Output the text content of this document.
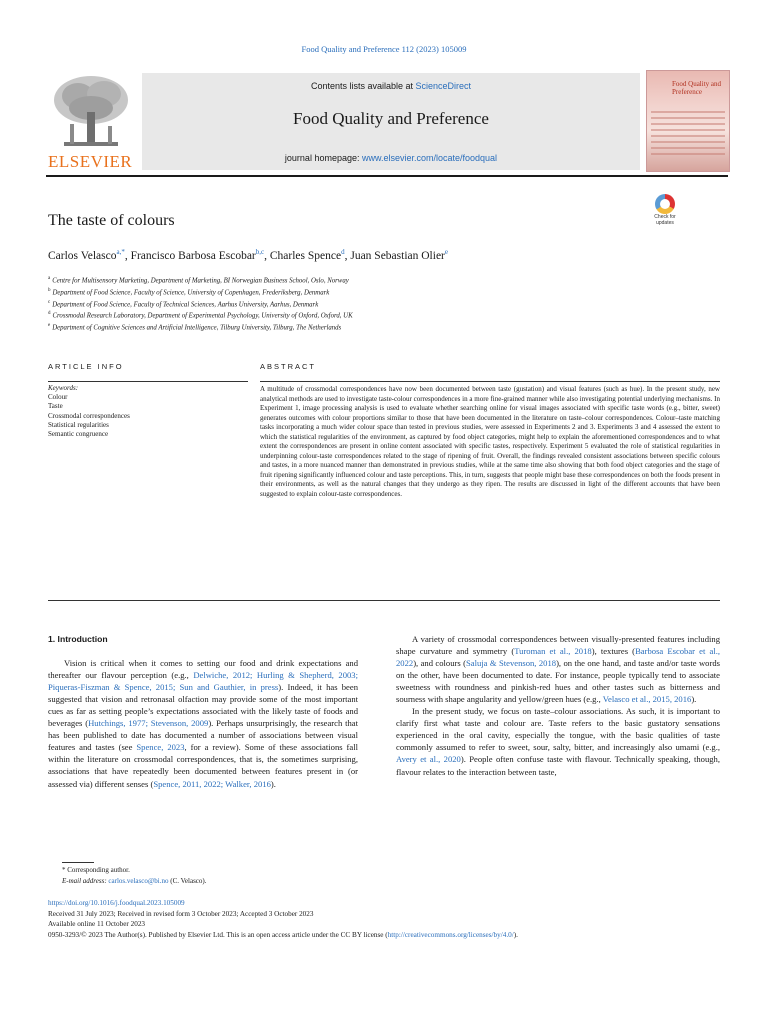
Food Quality and Preference 112 (2023) 105009
ELSEVIER
Contents lists available at ScienceDirect
Food Quality and Preference
journal homepage: www.elsevier.com/locate/foodqual
Food Quality and Preference
The taste of colours	Check for updates
Carlos Velasco$^{a,*}$, Francisco Barbosa Escobar$^{b,c}$, Charles Spence$^d$, Juan Sebastian Olier$^e$
$^a$ Centre for Multisensory Marketing, Department of Marketing, BI Norwegian Business School, Oslo, Norway
$^b$ Department of Food Science, Faculty of Science, University of Copenhagen, Frederiksberg, Denmark
$^c$ Department of Food Science, Faculty of Technical Sciences, Aarhus University, Aarhus, Denmark
$^d$ Crossmodal Research Laboratory, Department of Experimental Psychology, University of Oxford, Oxford, UK
$^e$ Department of Cognitive Sciences and Artificial Intelligence, Tilburg University, Tilburg, The Netherlands
ARTICLE INFO	ABSTRACT
Keywords:
Colour
Taste
Crossmodal correspondences
Statistical regularities
Semantic congruence
A multitude of crossmodal correspondences have now been documented between taste (gustation) and visual features (such as hue). In the present study, new analytical methods are used to investigate taste-colour correspondences in a more fine-grained manner while also investigating potential underlying mechanisms. In Experiment 1, image processing analysis is used to evaluate whether searching online for visual images associated with specific taste words (e.g., bitter, sweet) generates outcomes with colour proportions similar to those that have been documented in the literature on taste–colour correspondences. Colour–taste matching tasks incorporating a much wider colour space than tested in previous studies, were assessed in Experiments 2 and 3. Experiments 3 and 4 assessed the extent to which the statistical regularities of the environment, as captured by food object categories, might help to explain the aforementioned correspondences and to what extent the correspondences are present in online content associated with specific tastes, respectively. Experiment 5 evaluated the role of statistical regularities in underpinning colour-taste correspondences related to the stage of ripening of fruit. Overall, the findings revealed consistent associations between specific colours and tastes, in a more nuanced manner than demonstrated in previous studies, while at the same time also showing that both food object categories and the stage of fruit ripening significantly influenced colour and taste perceptions. This, in turn, suggests that people might base these correspondences on both the foods present in their environments, as well as the natural changes that they undergo as they ripen. The results are discussed in light of the different accounts that have been suggested to explain colour-taste correspondences.

1. Introduction

Vision is critical when it comes to setting our food and drink expectations and thereafter our flavour perception (e.g., Delwiche, 2012; Hurling & Shepherd, 2003; Piqueras-Fiszman & Spence, 2015; Sun and Gauthier, in press). Indeed, it has been suggested that vision and retronasal olfaction may provide some of the most important cues as far as setting people’s expectations associated with the likely taste of foods and beverages (Hutchings, 1977; Stevenson, 2009). Perhaps unsurprisingly, the research that has been published to date has documented a number of associations between visual features and tastes (see Spence, 2023, for a review). Some of these associations fall within the literature on crossmodal correspondences, that is, the sometimes surprising, associations that have repeatedly been documented between features present in (or assessed via) different senses (Spence, 2011, 2022; Walker, 2016).

A variety of crossmodal correspondences between visually-presented features including shape curvature and symmetry (Turoman et al., 2018), textures (Barbosa Escobar et al., 2022), and colours (Saluja & Stevenson, 2018), on the one hand, and taste and/or taste words on the other, have been documented to date. For instance, people typically tend to associate sweetness with roundness and pinkish-red hues and other tastes such as bitterness and sourness with shape angularity and yellow/green hues (e.g., Velasco et al., 2015, 2016).

In the present study, we focus on taste–colour associations. As such, it is important to clarify first what taste and colour are. Taste refers to the basic gustatory sensations experienced in the oral cavity, especially the tongue, with the basic qualities of taste commonly assumed to refer to sweet, sour, salty, bitter, and increasingly also umami (e.g., Avery et al., 2020). People often confuse taste with flavour. Technically speaking, though, flavour relates to the interaction between taste,

* Corresponding author.
E-mail address: carlos.velasco@bi.no (C. Velasco).
https://doi.org/10.1016/j.foodqual.2023.105009
Received 31 July 2023; Received in revised form 3 October 2023; Accepted 3 October 2023
Available online 11 October 2023
0950-3293/© 2023 The Author(s). Published by Elsevier Ltd. This is an open access article under the CC BY license (http://creativecommons.org/licenses/by/4.0/).
